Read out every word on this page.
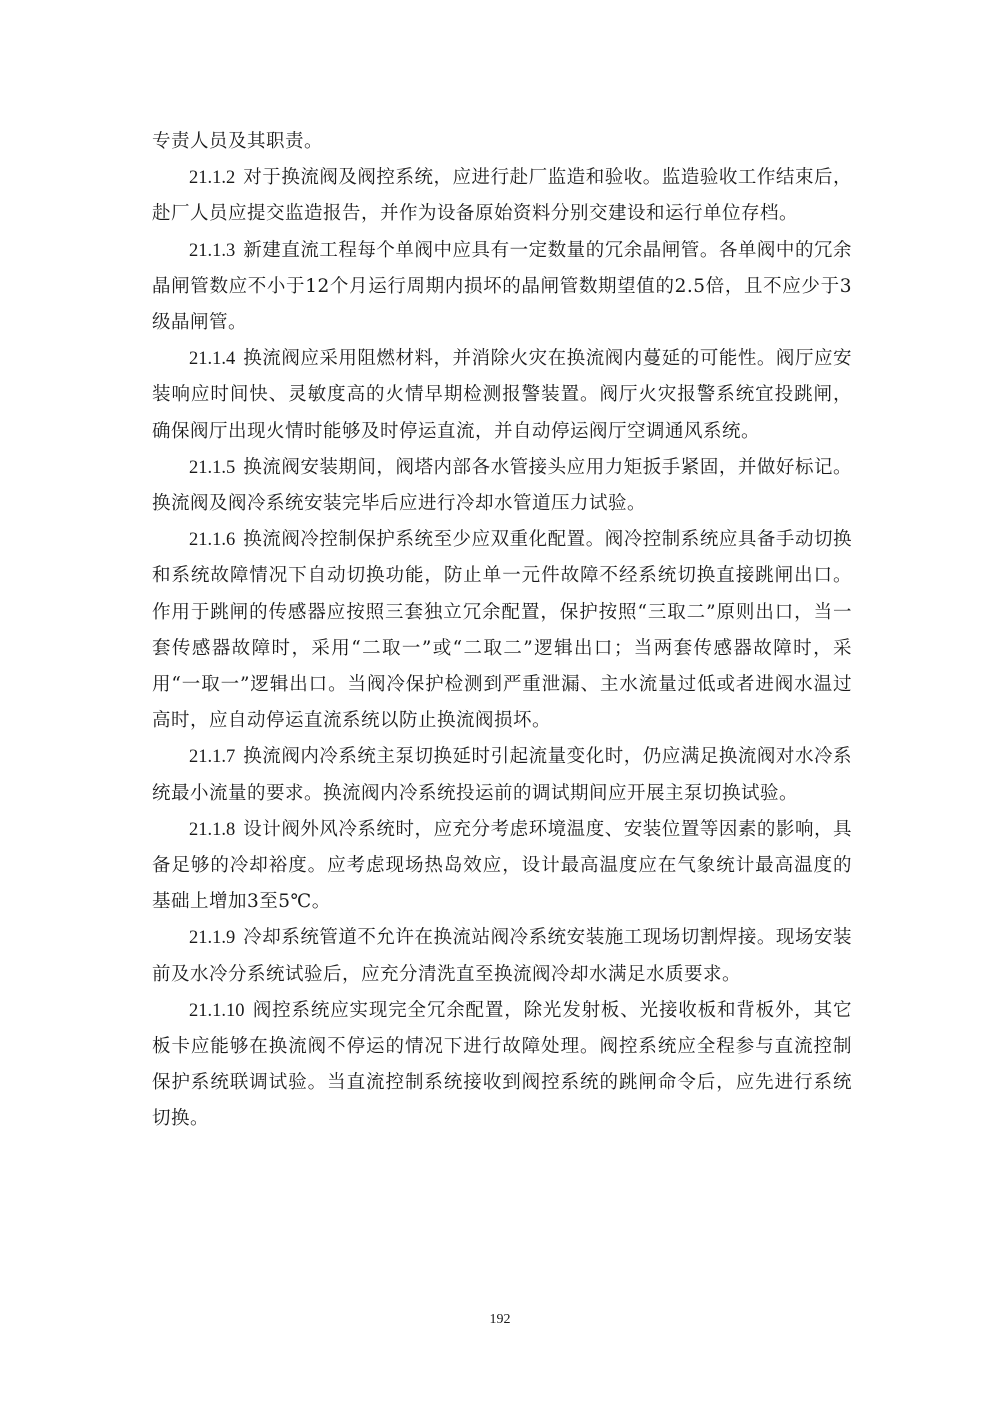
专责人员及其职责。

21.1.2 对于换流阀及阀控系统，应进行赴厂监造和验收。监造验收工作结束后，赴厂人员应提交监造报告，并作为设备原始资料分别交建设和运行单位存档。

21.1.3 新建直流工程每个单阀中应具有一定数量的冗余晶闸管。各单阀中的冗余晶闸管数应不小于12个月运行周期内损坏的晶闸管数期望值的2.5倍，且不应少于3级晶闸管。

21.1.4 换流阀应采用阻燃材料，并消除火灾在换流阀内蔓延的可能性。阀厅应安装响应时间快、灵敏度高的火情早期检测报警装置。阀厅火灾报警系统宜投跳闸，确保阀厅出现火情时能够及时停运直流，并自动停运阀厅空调通风系统。

21.1.5 换流阀安装期间，阀塔内部各水管接头应用力矩扳手紧固，并做好标记。换流阀及阀冷系统安装完毕后应进行冷却水管道压力试验。

21.1.6 换流阀冷控制保护系统至少应双重化配置。阀冷控制系统应具备手动切换和系统故障情况下自动切换功能，防止单一元件故障不经系统切换直接跳闸出口。作用于跳闸的传感器应按照三套独立冗余配置，保护按照“三取二”原则出口，当一套传感器故障时，采用“二取一”或“二取二”逻辑出口；当两套传感器故障时，采用“一取一”逻辑出口。当阀冷保护检测到严重泄漏、主水流量过低或者进阀水温过高时，应自动停运直流系统以防止换流阀损坏。

21.1.7 换流阀内冷系统主泵切换延时引起流量变化时，仍应满足换流阀对水冷系统最小流量的要求。换流阀内冷系统投运前的调试期间应开展主泵切换试验。

21.1.8 设计阀外风冷系统时，应充分考虑环境温度、安装位置等因素的影响，具备足够的冷却裕度。应考虑现场热岛效应，设计最高温度应在气象统计最高温度的基础上增加3至5℃。

21.1.9 冷却系统管道不允许在换流站阀冷系统安装施工现场切割焊接。现场安装前及水冷分系统试验后，应充分清洗直至换流阀冷却水满足水质要求。

21.1.10 阀控系统应实现完全冗余配置，除光发射板、光接收板和背板外，其它板卡应能够在换流阀不停运的情况下进行故障处理。阀控系统应全程参与直流控制保护系统联调试验。当直流控制系统接收到阀控系统的跳闸命令后，应先进行系统切换。

192
